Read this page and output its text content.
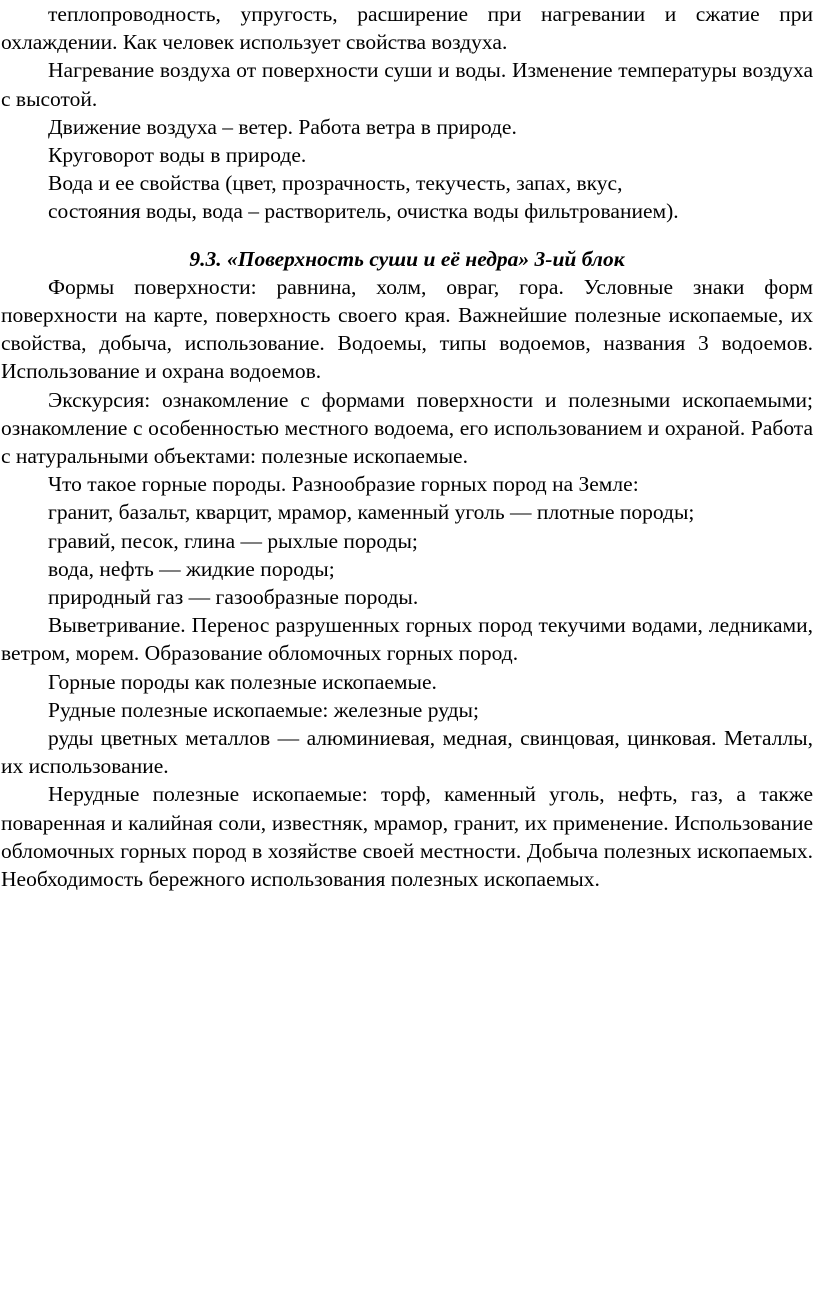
теплопроводность, упругость, расширение при нагревании и сжатие при охлаждении. Как человек использует свойства воздуха.

Нагревание воздуха от поверхности суши и воды. Изменение температуры воздуха с высотой.

Движение воздуха – ветер. Работа ветра в природе.

Круговорот воды в природе.

Вода и ее свойства (цвет, прозрачность, текучесть, запах, вкус,

состояния воды, вода – растворитель, очистка воды фильтрованием).

9.3. «Поверхность суши и её недра» 3-ий блок

Формы поверхности: равнина, холм, овраг, гора. Условные знаки форм поверхности на карте, поверхность своего края. Важнейшие полезные ископаемые, их свойства, добыча, использование. Водоемы, типы водоемов, названия 3 водоемов. Использование и охрана водоемов.

Экскурсия: ознакомление с формами поверхности и полезными ископаемыми; ознакомление с особенностью местного водоема, его использованием и охраной. Работа с натуральными объектами: полезные ископаемые.

Что такое горные породы. Разнообразие горных пород на Земле:

гранит, базальт, кварцит, мрамор, каменный уголь — плотные породы;

гравий, песок, глина — рыхлые породы;

вода, нефть — жидкие породы;

природный газ — газообразные породы.

Выветривание. Перенос разрушенных горных пород текучими водами, ледниками, ветром, морем. Образование обломочных горных пород.

Горные породы как полезные ископаемые.

Рудные полезные ископаемые: железные руды;

руды цветных металлов — алюминиевая, медная, свинцовая, цинковая. Металлы, их использование.

Нерудные полезные ископаемые: торф, каменный уголь, нефть, газ, а также поваренная и калийная соли, известняк, мрамор, гранит, их применение. Использование обломочных горных пород в хозяйстве своей местности. Добыча полезных ископаемых. Необходимость бережного использования полезных ископаемых.
